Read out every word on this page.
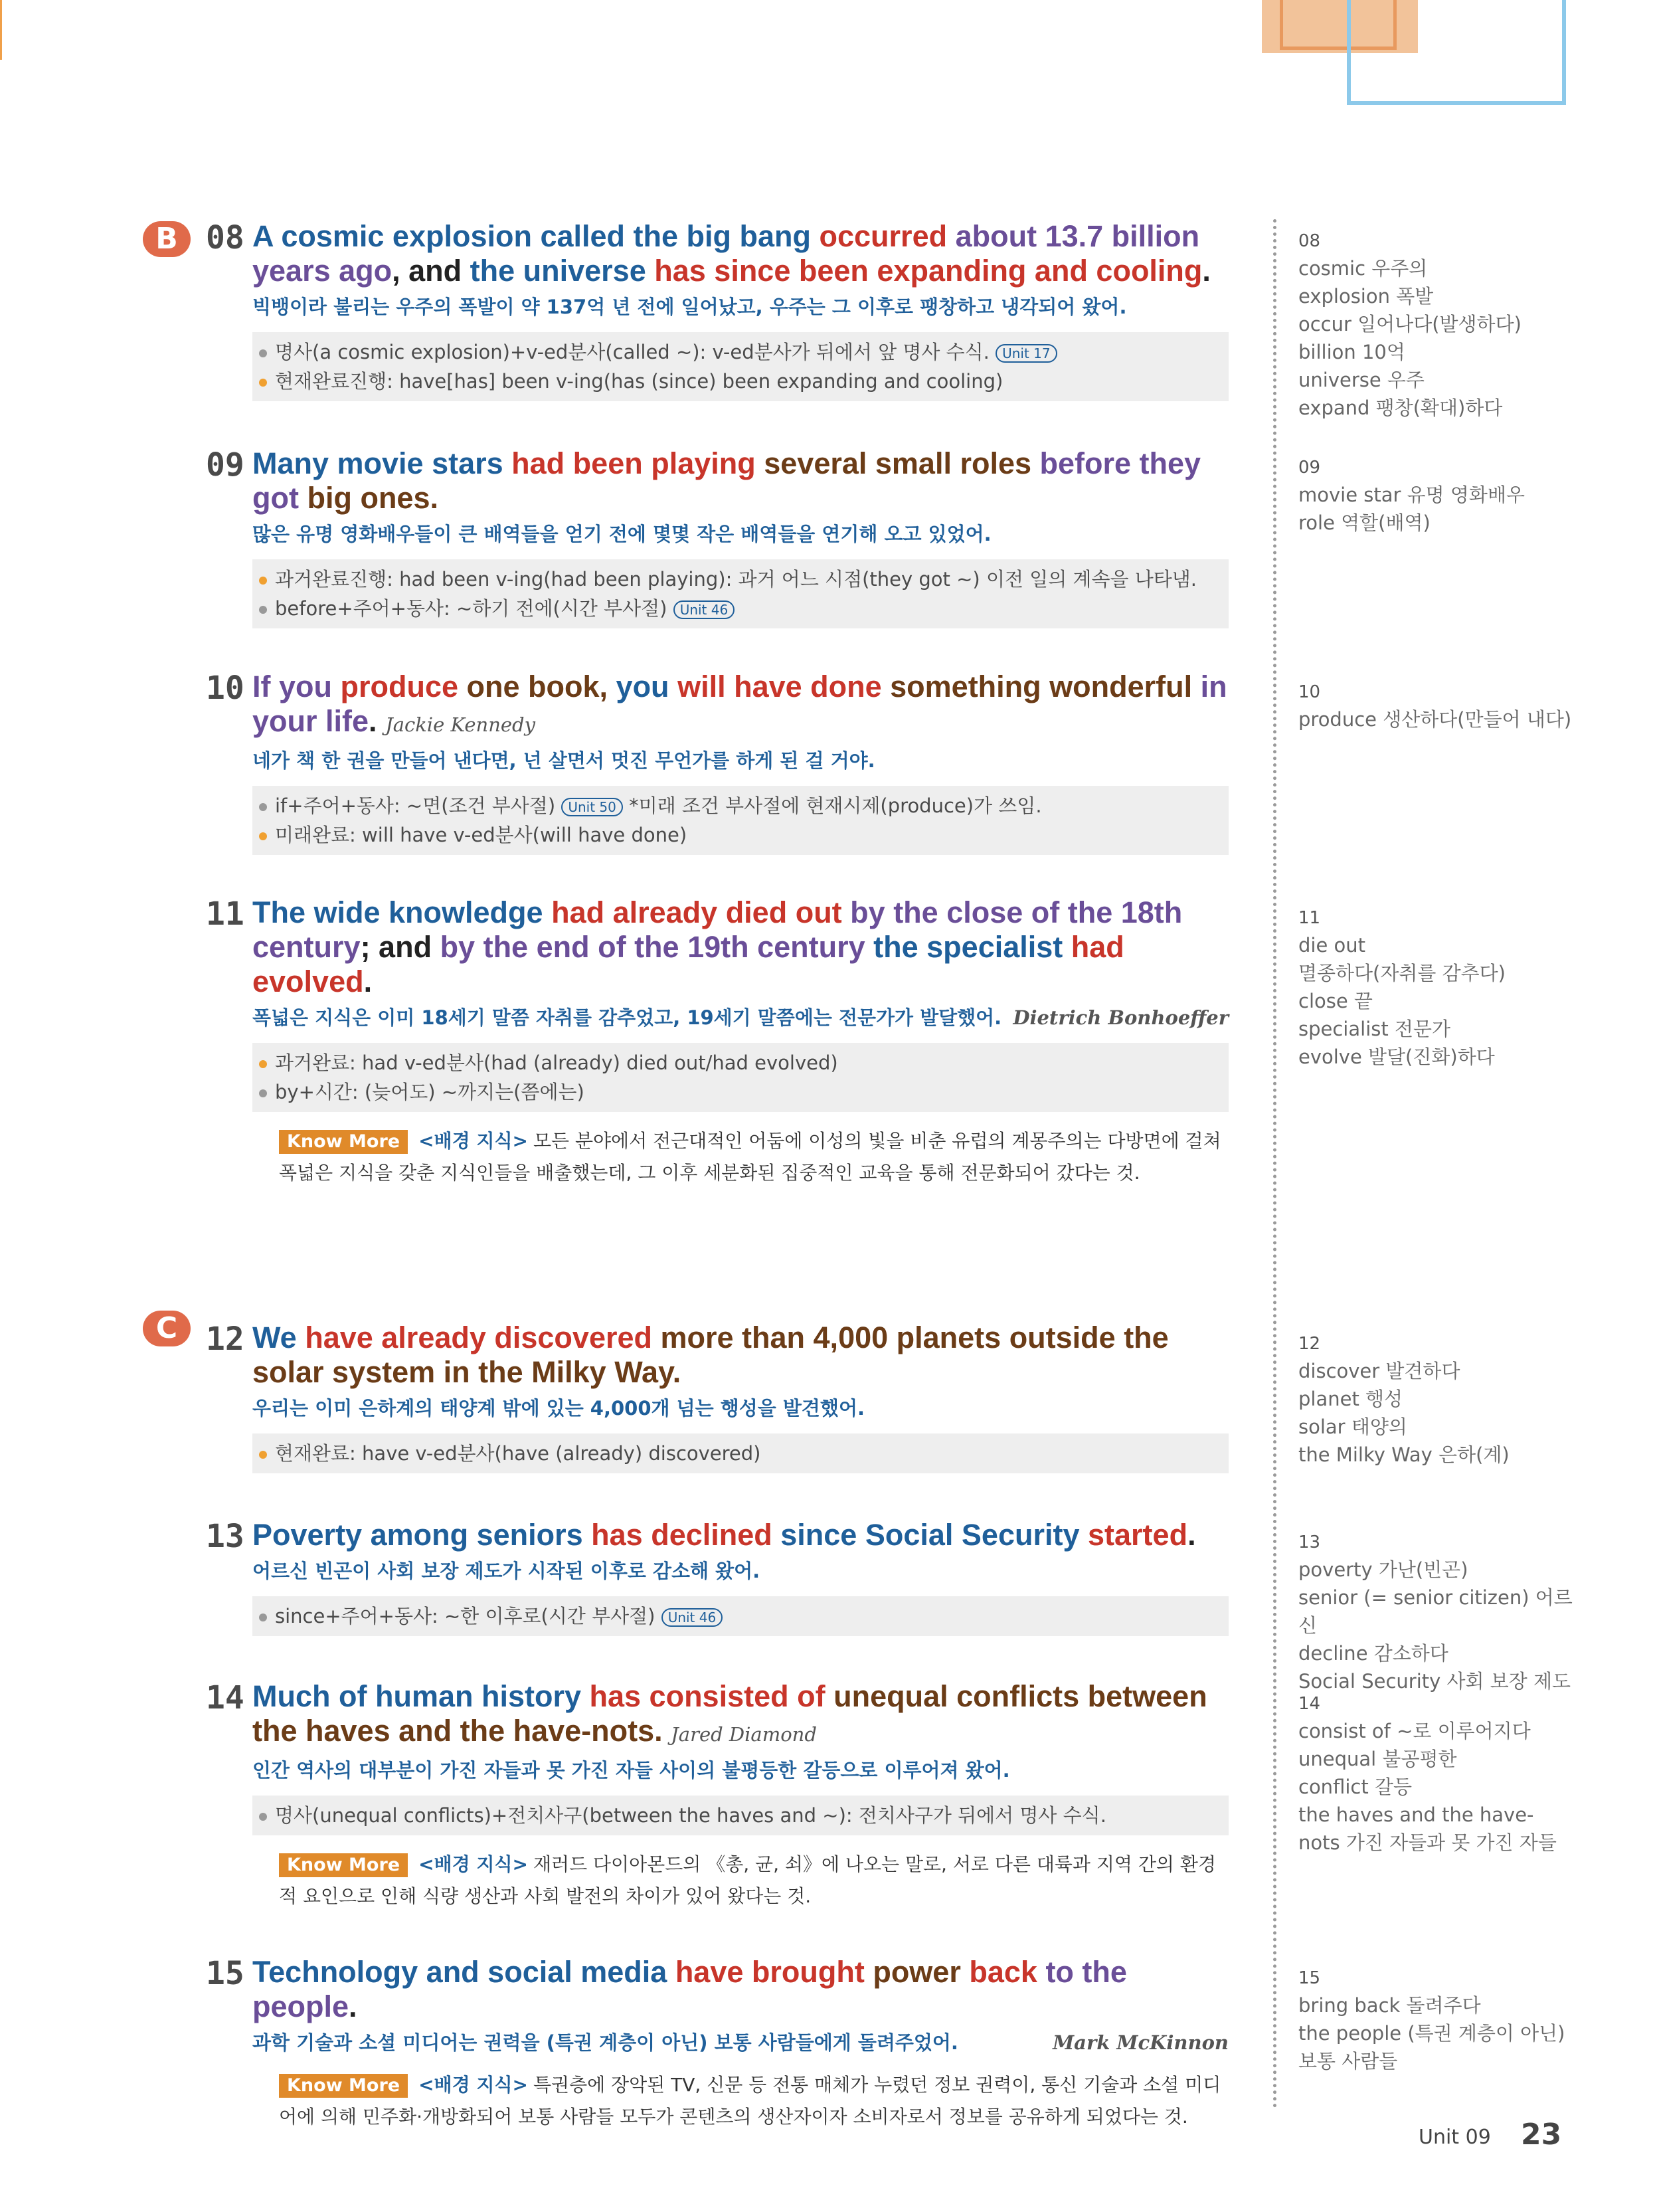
B 08 A cosmic explosion called the big bang occurred about 13.7 billion years ago, and the universe has since been expanding and cooling.
빅뱅이라 불리는 우주의 폭발이 약 137억 년 전에 일어났고, 우주는 그 이후로 팽창하고 냉각되어 왔어.
명사(a cosmic explosion)+v-ed분사(called ~): v-ed분사가 뒤에서 앞 명사 수식. Unit 17
현재완료진행: have[has] been v-ing(has (since) been expanding and cooling)
09 Many movie stars had been playing several small roles before they got big ones.
많은 유명 영화배우들이 큰 배역들을 얻기 전에 몇몇 작은 배역들을 연기해 오고 있었어.
과거완료진행: had been v-ing(had been playing): 과거 어느 시점(they got ~) 이전 일의 계속을 나타냄.
before+주어+동사: ~하기 전에(시간 부사절) Unit 46
10 If you produce one book, you will have done something wonderful in your life. Jackie Kennedy
네가 책 한 권을 만들어 낸다면, 넌 살면서 멋진 무언가를 하게 된 걸 거야.
if+주어+동사: ~면(조건 부사절) Unit 50 *미래 조건 부사절에 현재시제(produce)가 쓰임.
미래완료: will have v-ed분사(will have done)
11 The wide knowledge had already died out by the close of the 18th century; and by the end of the 19th century the specialist had evolved.
폭넓은 지식은 이미 18세기 말쯤 자취를 감추었고, 19세기 말쯤에는 전문가가 발달했어. Dietrich Bonhoeffer
과거완료: had v-ed분사(had (already) died out/had evolved)
by+시간: (늦어도) ~까지는(쯤에는)
Know More <배경 지식> 모든 분야에서 전근대적인 어둠에 이성의 빛을 비춘 유럽의 계몽주의는 다방면에 걸쳐 폭넓은 지식을 갖춘 지식인들을 배출했는데, 그 이후 세분화된 집중적인 교육을 통해 전문화되어 갔다는 것.
C 12 We have already discovered more than 4,000 planets outside the solar system in the Milky Way.
우리는 이미 은하계의 태양계 밖에 있는 4,000개 넘는 행성을 발견했어.
현재완료: have v-ed분사(have (already) discovered)
13 Poverty among seniors has declined since Social Security started.
어르신 빈곤이 사회 보장 제도가 시작된 이후로 감소해 왔어.
since+주어+동사: ~한 이후로(시간 부사절) Unit 46
14 Much of human history has consisted of unequal conflicts between the haves and the have-nots. Jared Diamond
인간 역사의 대부분이 가진 자들과 못 가진 자들 사이의 불평등한 갈등으로 이루어져 왔어.
명사(unequal conflicts)+전치사구(between the haves and ~): 전치사구가 뒤에서 명사 수식.
Know More <배경 지식> 재러드 다이아몬드의 《총, 균, 쇠》에 나오는 말로, 서로 다른 대륙과 지역 간의 환경적 요인으로 인해 식량 생산과 사회 발전의 차이가 있어 왔다는 것.
15 Technology and social media have brought power back to the people.
과학 기술과 소셜 미디어는 권력을 (특권 계층이 아닌) 보통 사람들에게 돌려주었어.	Mark McKinnon
Know More <배경 지식> 특권층에 장악된 TV, 신문 등 전통 매체가 누렸던 정보 권력이, 통신 기술과 소셜 미디어에 의해 민주화·개방화되어 보통 사람들 모두가 콘텐츠의 생산자이자 소비자로서 정보를 공유하게 되었다는 것.
08
cosmic 우주의
explosion 폭발
occur 일어나다(발생하다)
billion 10억
universe 우주
expand 팽창(확대)하다
09
movie star 유명 영화배우
role 역할(배역)
10
produce 생산하다(만들어 내다)
11
die out
멸종하다(자취를 감추다)
close 끝
specialist 전문가
evolve 발달(진화)하다
12
discover 발견하다
planet 행성
solar 태양의
the Milky Way 은하(계)
13
poverty 가난(빈곤)
senior (= senior citizen) 어르신
decline 감소하다
Social Security 사회 보장 제도
14
consist of ~로 이루어지다
unequal 불공평한
conflict 갈등
the haves and the have-
nots 가진 자들과 못 가진 자들
15
bring back 돌려주다
the people (특권 계층이 아닌)
보통 사람들
Unit 09 23
